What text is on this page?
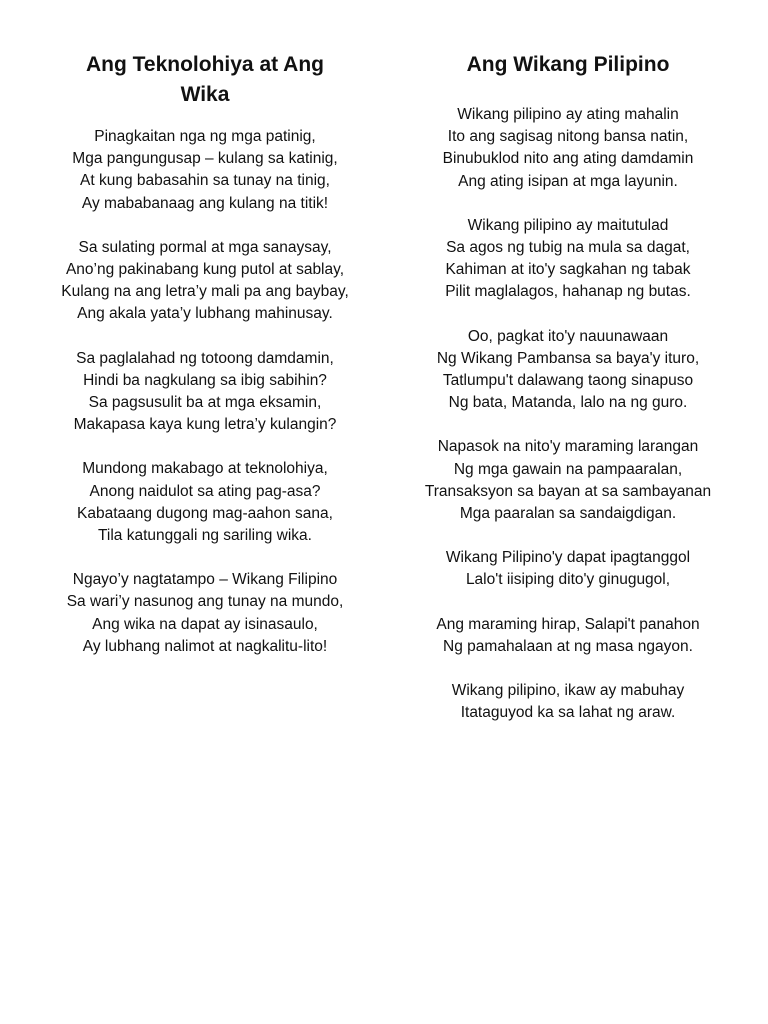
Ang Teknolohiya at Ang Wika
Pinagkaitan nga ng mga patinig,
Mga pangungusap – kulang sa katinig,
At kung babasahin sa tunay na tinig,
Ay mababanaag ang kulang na titik!
Sa sulating pormal at mga sanaysay,
Ano’ng pakinabang kung putol at sablay,
Kulang na ang letra’y mali pa ang baybay,
Ang akala yata’y lubhang mahinusay.
Sa paglalahad ng totoong damdamin,
Hindi ba nagkulang sa ibig sabihin?
Sa pagsusulit ba at mga eksamin,
Makapasa kaya kung letra’y kulangin?
Mundong makabago at teknolohiya,
Anong naidulot sa ating pag-asa?
Kabataang dugong mag-aahon sana,
Tila katunggali ng sariling wika.
Ngayo’y nagtatampo – Wikang Filipino
Sa wari’y nasunog ang tunay na mundo,
Ang wika na dapat ay isinasaulo,
Ay lubhang nalimot at nagkalitu-lito!
Ang Wikang Pilipino
Wikang pilipino ay ating mahalin
Ito ang sagisag nitong bansa natin,
Binubuklod nito ang ating damdamin
Ang ating isipan at mga layunin.
Wikang pilipino ay maitutulad
Sa agos ng tubig na mula sa dagat,
Kahiman at ito'y sagkahan ng tabak
Pilit maglalagos, hahanap ng butas.
Oo, pagkat ito'y nauunawaan
Ng Wikang Pambansa sa baya'y ituro,
Tatlumpu't dalawang taong sinapuso
Ng bata, Matanda, lalo na ng guro.
Napasok na nito'y maraming larangan
Ng mga gawain na pampaaralan,
Transaksyon sa bayan at sa sambayanan
Mga paaralan sa sandaigdigan.
Wikang Pilipino'y dapat ipagtanggol
Lalo't iisiping dito'y ginugugol,
Ang maraming hirap, Salapi't panahon
Ng pamahalaan at ng masa ngayon.
Wikang pilipino, ikaw ay mabuhay
Itataguyod ka sa lahat ng araw.
